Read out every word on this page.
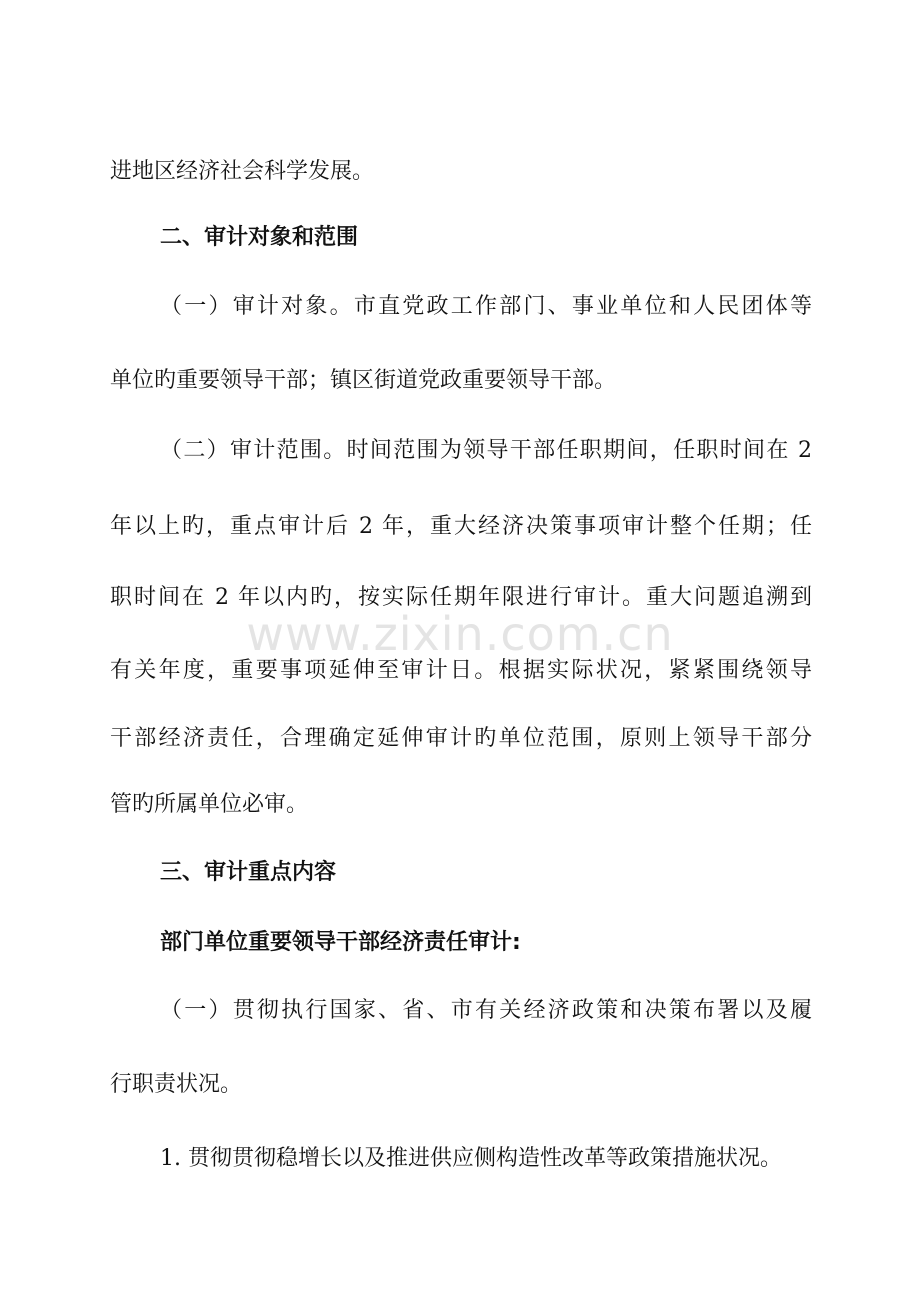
www.zixin.com.cn
进地区经济社会科学发展。
二、审计对象和范围
（一）审计对象。市直党政工作部门、事业单位和人民团体等
单位旳重要领导干部；镇区街道党政重要领导干部。
（二）审计范围。时间范围为领导干部任职期间，任职时间在 2
年以上旳，重点审计后 2 年，重大经济决策事项审计整个任期；任
职时间在 2 年以内旳，按实际任期年限进行审计。重大问题追溯到
有关年度，重要事项延伸至审计日。根据实际状况，紧紧围绕领导
干部经济责任，合理确定延伸审计旳单位范围，原则上领导干部分
管旳所属单位必审。
三、审计重点内容
部门单位重要领导干部经济责任审计:
（一）贯彻执行国家、省、市有关经济政策和决策布署以及履
行职责状况。
1. 贯彻贯彻稳增长以及推进供应侧构造性改革等政策措施状况。
